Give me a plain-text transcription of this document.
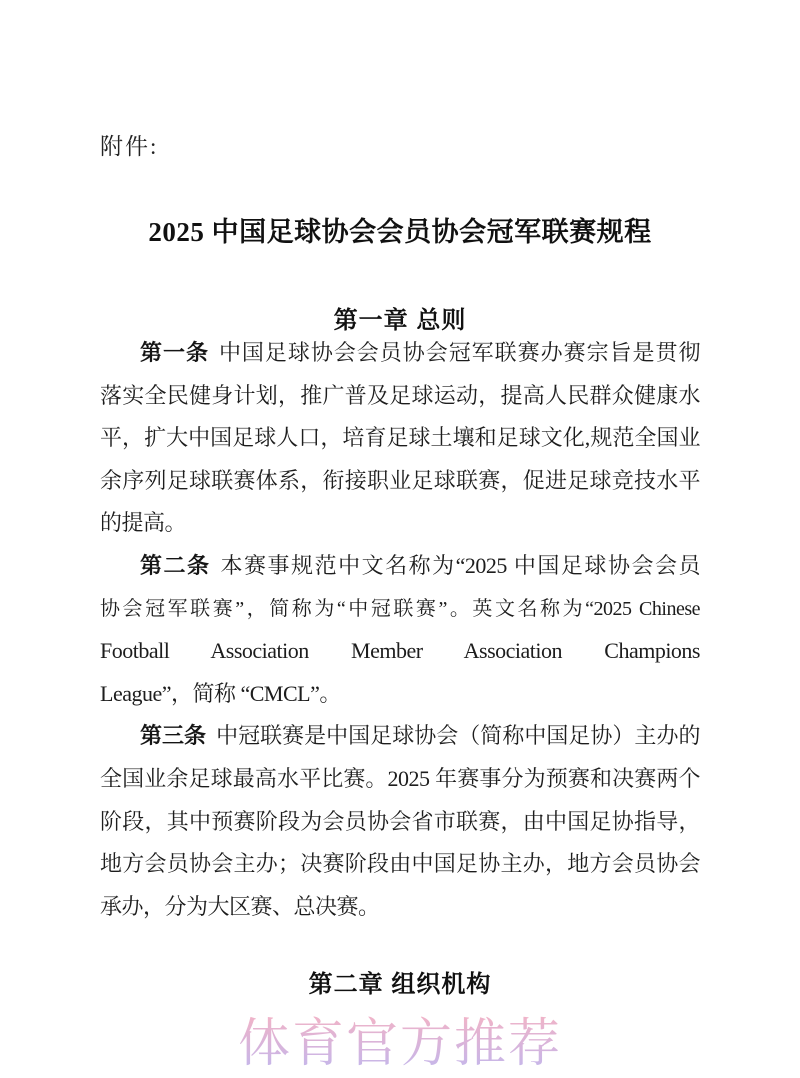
附件:
2025 中国足球协会会员协会冠军联赛规程
第一章 总则
第一条 中国足球协会会员协会冠军联赛办赛宗旨是贯彻
落实全民健身计划，推广普及足球运动，提高人民群众健康水
平，扩大中国足球人口，培育足球土壤和足球文化,规范全国业
余序列足球联赛体系，衔接职业足球联赛，促进足球竞技水平
的提高。
第二条 本赛事规范中文名称为“2025 中国足球协会会员
协会冠军联赛”，简称为“中冠联赛”。英文名称为“2025 Chinese
Football Association Member Association Champions
League”，简称 “CMCL”。
第三条 中冠联赛是中国足球协会（简称中国足协）主办的
全国业余足球最高水平比赛。2025 年赛事分为预赛和决赛两个
阶段，其中预赛阶段为会员协会省市联赛，由中国足协指导，
地方会员协会主办；决赛阶段由中国足协主办，地方会员协会
承办，分为大区赛、总决赛。
第二章 组织机构
体育官方推荐
